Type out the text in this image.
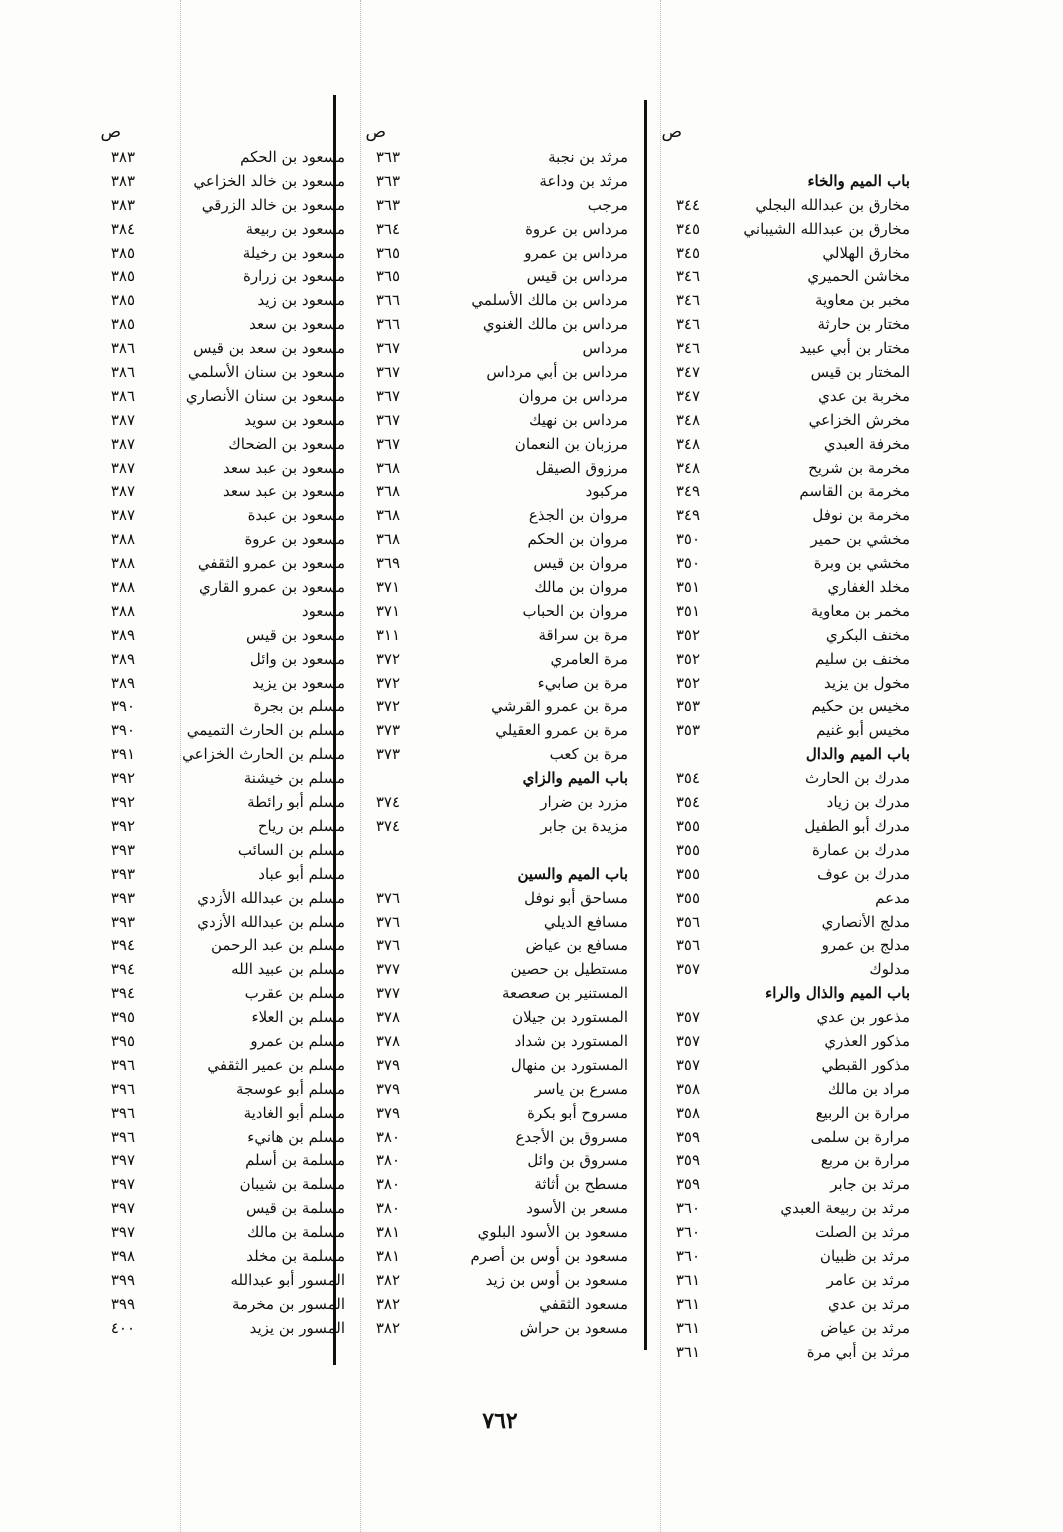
باب الميم والخاء
مخارق بن عبدالله البجلي
مخارق بن عبدالله الشيباني
مخارق الهلالي
مخاشن الحميري
مخبر بن معاوية
مختار بن حارثة
مختار بن أبي عبيد
المختار بن قيس
مخربة بن عدي
مخرش الخزاعي
مخرفة العبدي
مخرمة بن شريح
مخرمة بن القاسم
مخرمة بن نوفل
مخشي بن حمير
مخشي بن وبرة
مخلد الغفاري
مخمر بن معاوية
مخنف البكري
مخنف بن سليم
مخول بن يزيد
مخيس بن حكيم
مخيس أبو غنيم
باب الميم والدال
مدرك بن الحارث
مدرك بن زياد
مدرك أبو الطفيل
مدرك بن عمارة
مدرك بن عوف
مدعم
مدلج الأنصاري
مدلج بن عمرو
مدلوك
باب الميم والذال والراء
مذعور بن عدي
مذكور العذري
مذكور القبطي
مراد بن مالك
مرارة بن الربيع
مرارة بن سلمى
مرارة بن مربع
مرثد بن جابر
مرثد بن ربيعة العبدي
مرثد بن الصلت
مرثد بن ظبيان
مرثد بن عامر
مرثد بن عدي
مرثد بن عياض
مرثد بن أبي مرة
ص
٣٤٤
٣٤٥
٣٤٥
٣٤٦
٣٤٦
٣٤٦
٣٤٦
٣٤٧
٣٤٧
٣٤٨
٣٤٨
٣٤٨
٣٤٩
٣٤٩
٣٥٠
٣٥٠
٣٥١
٣٥١
٣٥٢
٣٥٢
٣٥٢
٣٥٣
٣٥٣
٣٥٤
٣٥٤
٣٥٥
٣٥٥
٣٥٥
٣٥٥
٣٥٦
٣٥٦
٣٥٧
٣٥٧
٣٥٧
٣٥٧
٣٥٨
٣٥٨
٣٥٩
٣٥٩
٣٥٩
٣٦٠
٣٦٠
٣٦٠
٣٦١
٣٦١
٣٦١
٣٦١
مرثد بن نجبة
مرثد بن وداعة
مرجب
مرداس بن عروة
مرداس بن عمرو
مرداس بن قيس
مرداس بن مالك الأسلمي
مرداس بن مالك الغنوي
مرداس
مرداس بن أبي مرداس
مرداس بن مروان
مرداس بن نهيك
مرزبان بن النعمان
مرزوق الصيقل
مركبود
مروان بن الجذع
مروان بن الحكم
مروان بن قيس
مروان بن مالك
مروان بن الحباب
مرة بن سراقة
مرة العامري
مرة بن صابيء
مرة بن عمرو القرشي
مرة بن عمرو العقيلي
مرة بن كعب
باب الميم والزاي
مزرد بن ضرار
مزيدة بن جابر
باب الميم والسين
مساحق أبو نوفل
مسافع الديلي
مسافع بن عياض
مستطيل بن حصين
المستنير بن صعصعة
المستورد بن جيلان
المستورد بن شداد
المستورد بن منهال
مسرع بن ياسر
مسروح أبو بكرة
مسروق بن الأجدع
مسروق بن وائل
مسطح بن أثاثة
مسعر بن الأسود
مسعود بن الأسود البلوي
مسعود بن أوس بن أصرم
مسعود بن أوس بن زيد
مسعود الثقفي
مسعود بن حراش
ص
٣٦٣
٣٦٣
٣٦٣
٣٦٤
٣٦٥
٣٦٥
٣٦٦
٣٦٦
٣٦٧
٣٦٧
٣٦٧
٣٦٧
٣٦٧
٣٦٨
٣٦٨
٣٦٨
٣٦٨
٣٦٩
٣٧١
٣٧١
٣١١
٣٧٢
٣٧٢
٣٧٢
٣٧٣
٣٧٣
٣٧٤
٣٧٤
٣٧٦
٣٧٦
٣٧٦
٣٧٧
٣٧٧
٣٧٨
٣٧٨
٣٧٩
٣٧٩
٣٧٩
٣٨٠
٣٨٠
٣٨٠
٣٨٠
٣٨١
٣٨١
٣٨٢
٣٨٢
٣٨٢
مسعود بن الحكم
مسعود بن خالد الخزاعي
مسعود بن خالد الزرقي
مسعود بن ربيعة
مسعود بن رخيلة
مسعود بن زرارة
مسعود بن زيد
مسعود بن سعد
مسعود بن سعد بن قيس
مسعود بن سنان الأسلمي
مسعود بن سنان الأنصاري
مسعود بن سويد
مسعود بن الضحاك
مسعود بن عبد سعد
مسعود بن عبد سعد
مسعود بن عبدة
مسعود بن عروة
مسعود بن عمرو الثقفي
مسعود بن عمرو القاري
مسعود
مسعود بن قيس
مسعود بن وائل
مسعود بن يزيد
مسلم بن بجرة
مسلم بن الحارث التميمي
مسلم بن الحارث الخزاعي
مسلم بن خيشنة
مسلم أبو رائطة
مسلم بن رياح
مسلم بن السائب
مسلم أبو عباد
مسلم بن عبدالله الأزدي
مسلم بن عبدالله الأزدي
مسلم بن عبد الرحمن
مسلم بن عبيد الله
مسلم بن عقرب
مسلم بن العلاء
مسلم بن عمرو
مسلم بن عمير الثقفي
مسلم أبو عوسجة
مسلم أبو الغادية
مسلم بن هانيء
مسلمة بن أسلم
مسلمة بن شيبان
مسلمة بن قيس
مسلمة بن مالك
مسلمة بن مخلد
المسور أبو عبدالله
المسور بن مخرمة
المسور بن يزيد
ص
٣٨٣
٣٨٣
٣٨٣
٣٨٤
٣٨٥
٣٨٥
٣٨٥
٣٨٥
٣٨٦
٣٨٦
٣٨٦
٣٨٧
٣٨٧
٣٨٧
٣٨٧
٣٨٧
٣٨٨
٣٨٨
٣٨٨
٣٨٨
٣٨٩
٣٨٩
٣٨٩
٣٩٠
٣٩٠
٣٩١
٣٩٢
٣٩٢
٣٩٢
٣٩٣
٣٩٣
٣٩٣
٣٩٣
٣٩٤
٣٩٤
٣٩٤
٣٩٥
٣٩٥
٣٩٦
٣٩٦
٣٩٦
٣٩٦
٣٩٧
٣٩٧
٣٩٧
٣٩٧
٣٩٨
٣٩٩
٣٩٩
٤٠٠
٧٦٢
